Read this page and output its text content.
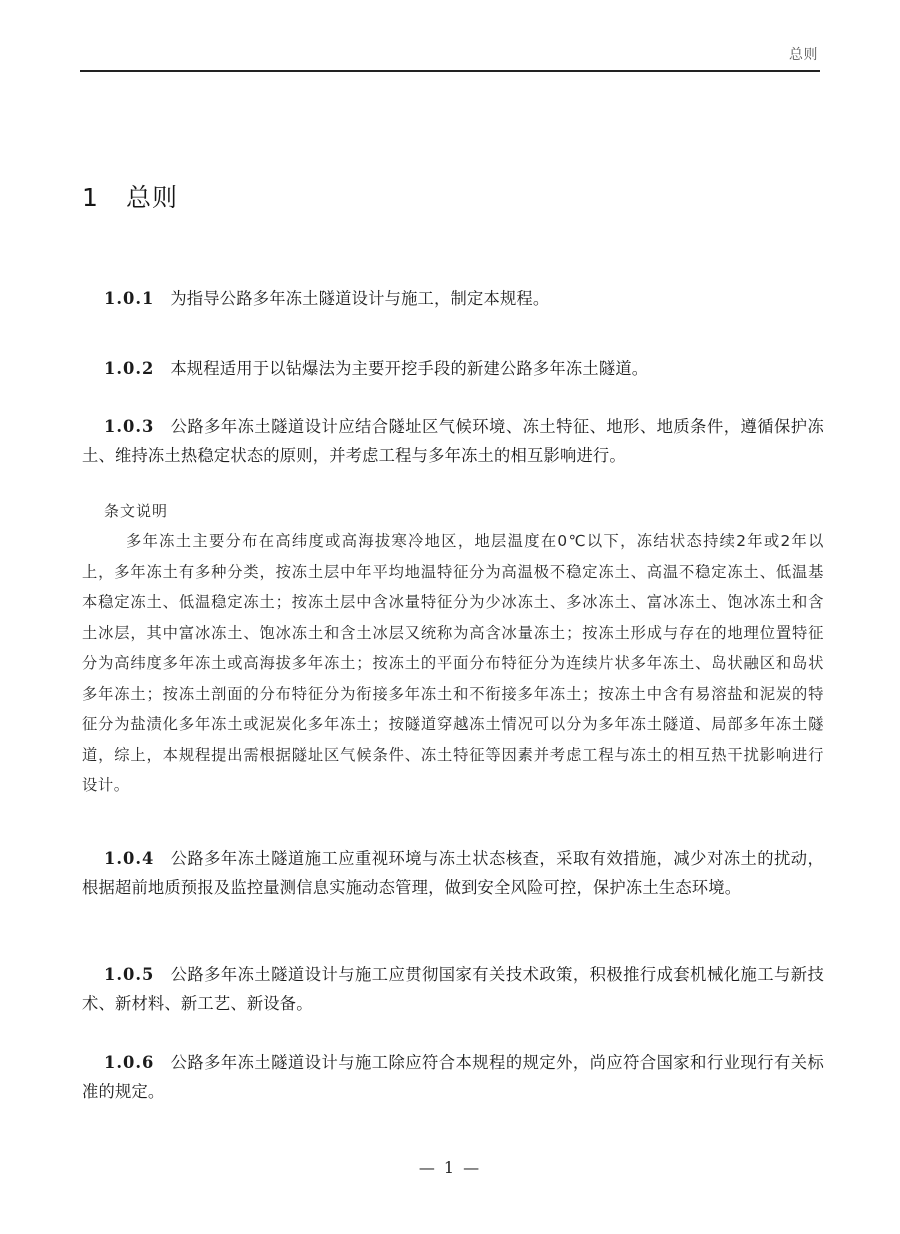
总则
1 总则

1.0.1 为指导公路多年冻土隧道设计与施工，制定本规程。

1.0.2 本规程适用于以钻爆法为主要开挖手段的新建公路多年冻土隧道。

1.0.3 公路多年冻土隧道设计应结合隧址区气候环境、冻土特征、地形、地质条件，遵循保护冻土、维持冻土热稳定状态的原则，并考虑工程与多年冻土的相互影响进行。

条文说明
多年冻土主要分布在高纬度或高海拔寒冷地区，地层温度在0℃以下，冻结状态持续2年或2年以上，多年冻土有多种分类，按冻土层中年平均地温特征分为高温极不稳定冻土、高温不稳定冻土、低温基本稳定冻土、低温稳定冻土；按冻土层中含冰量特征分为少冰冻土、多冰冻土、富冰冻土、饱冰冻土和含土冰层，其中富冰冻土、饱冰冻土和含土冰层又统称为高含冰量冻土；按冻土形成与存在的地理位置特征分为高纬度多年冻土或高海拔多年冻土；按冻土的平面分布特征分为连续片状多年冻土、岛状融区和岛状多年冻土；按冻土剖面的分布特征分为衔接多年冻土和不衔接多年冻土；按冻土中含有易溶盐和泥炭的特征分为盐渍化多年冻土或泥炭化多年冻土；按隧道穿越冻土情况可以分为多年冻土隧道、局部多年冻土隧道，综上，本规程提出需根据隧址区气候条件、冻土特征等因素并考虑工程与冻土的相互热干扰影响进行设计。

1.0.4 公路多年冻土隧道施工应重视环境与冻土状态核查，采取有效措施，减少对冻土的扰动，根据超前地质预报及监控量测信息实施动态管理，做到安全风险可控，保护冻土生态环境。

1.0.5 公路多年冻土隧道设计与施工应贯彻国家有关技术政策，积极推行成套机械化施工与新技术、新材料、新工艺、新设备。

1.0.6 公路多年冻土隧道设计与施工除应符合本规程的规定外，尚应符合国家和行业现行有关标准的规定。

— 1 —
